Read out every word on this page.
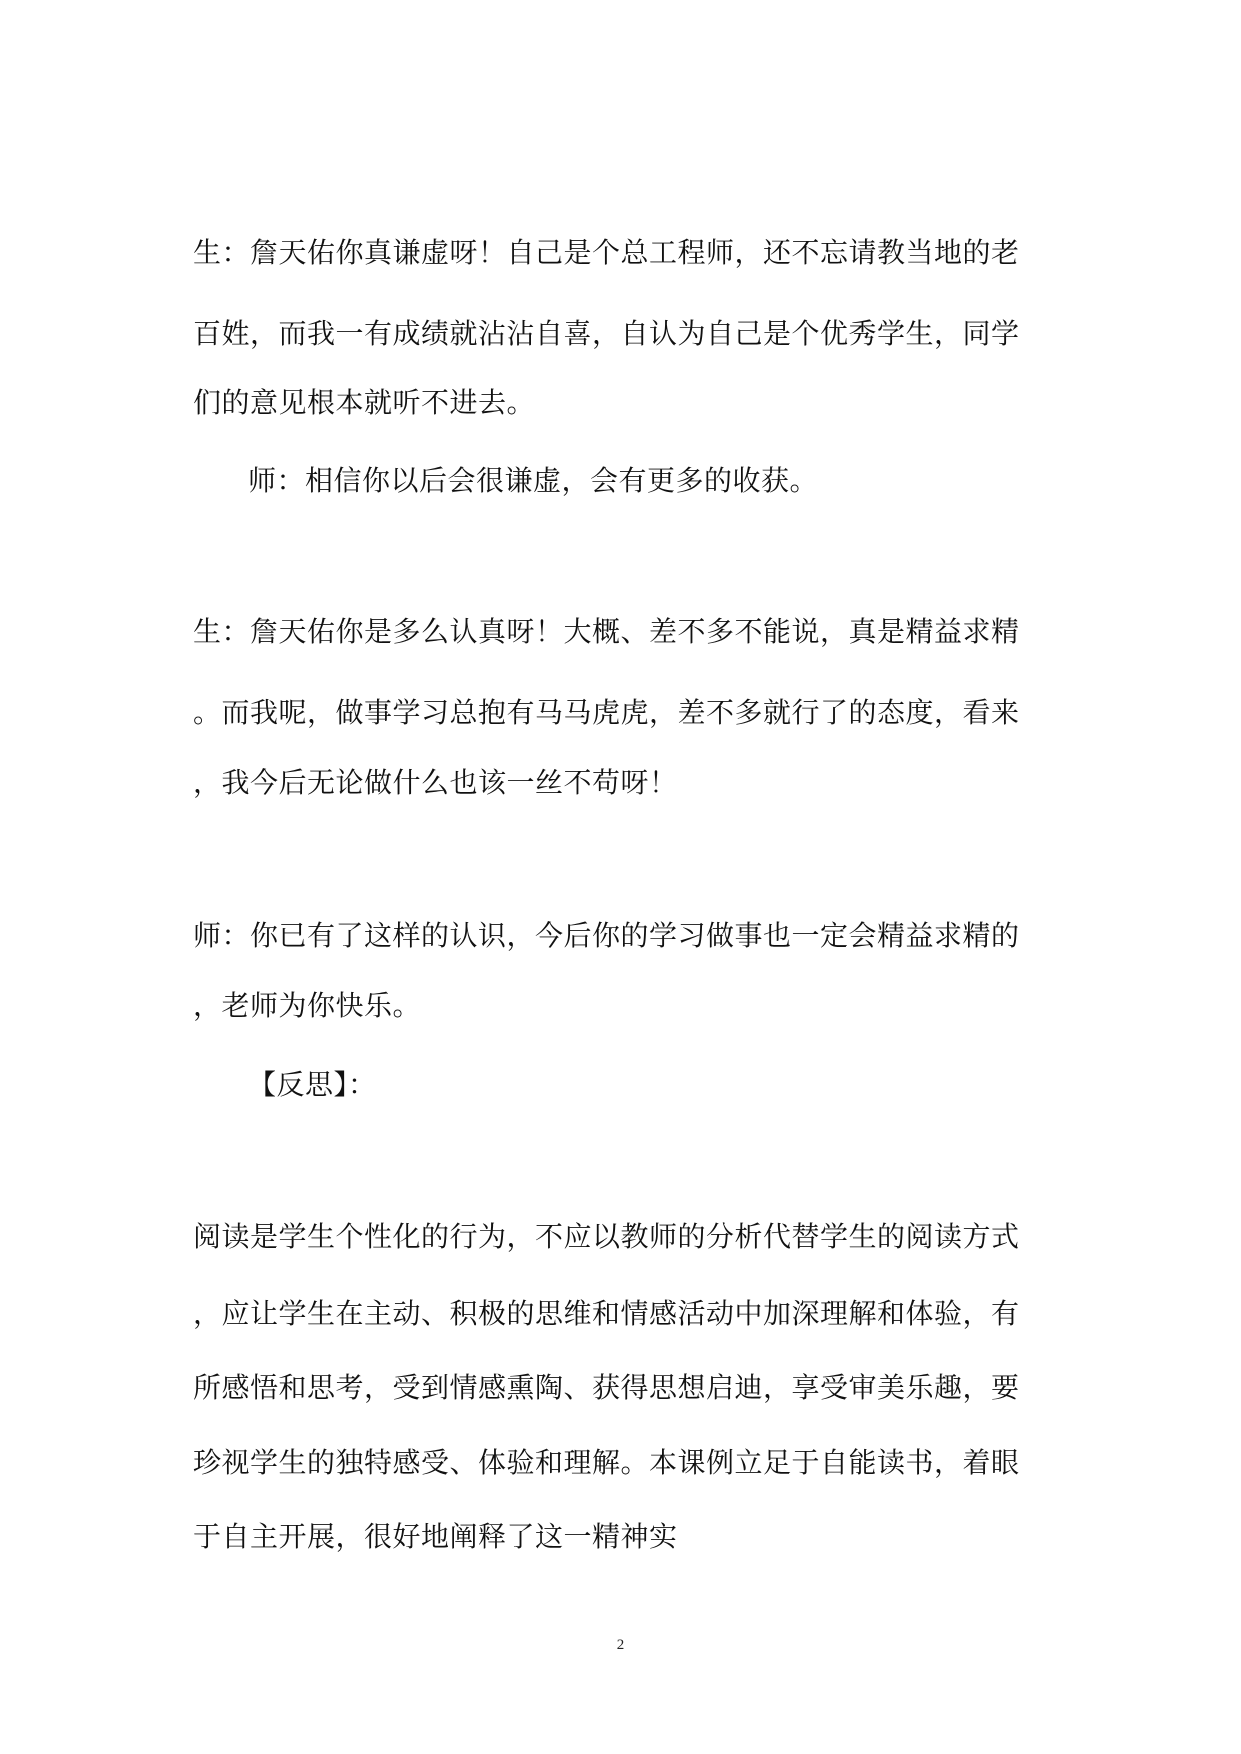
生：詹天佑你真谦虚呀！自己是个总工程师，还不忘请教当地的老
百姓，而我一有成绩就沾沾自喜，自认为自己是个优秀学生，同学
们的意见根本就听不进去。
师：相信你以后会很谦虚，会有更多的收获。
生：詹天佑你是多么认真呀！大概、差不多不能说，真是精益求精
。而我呢，做事学习总抱有马马虎虎，差不多就行了的态度，看来
，我今后无论做什么也该一丝不苟呀！
师：你已有了这样的认识，今后你的学习做事也一定会精益求精的
，老师为你快乐。
【反思】：
阅读是学生个性化的行为，不应以教师的分析代替学生的阅读方式
，应让学生在主动、积极的思维和情感活动中加深理解和体验，有
所感悟和思考，受到情感熏陶、获得思想启迪，享受审美乐趣，要
珍视学生的独特感受、体验和理解。本课例立足于自能读书，着眼
于自主开展，很好地阐释了这一精神实
2
